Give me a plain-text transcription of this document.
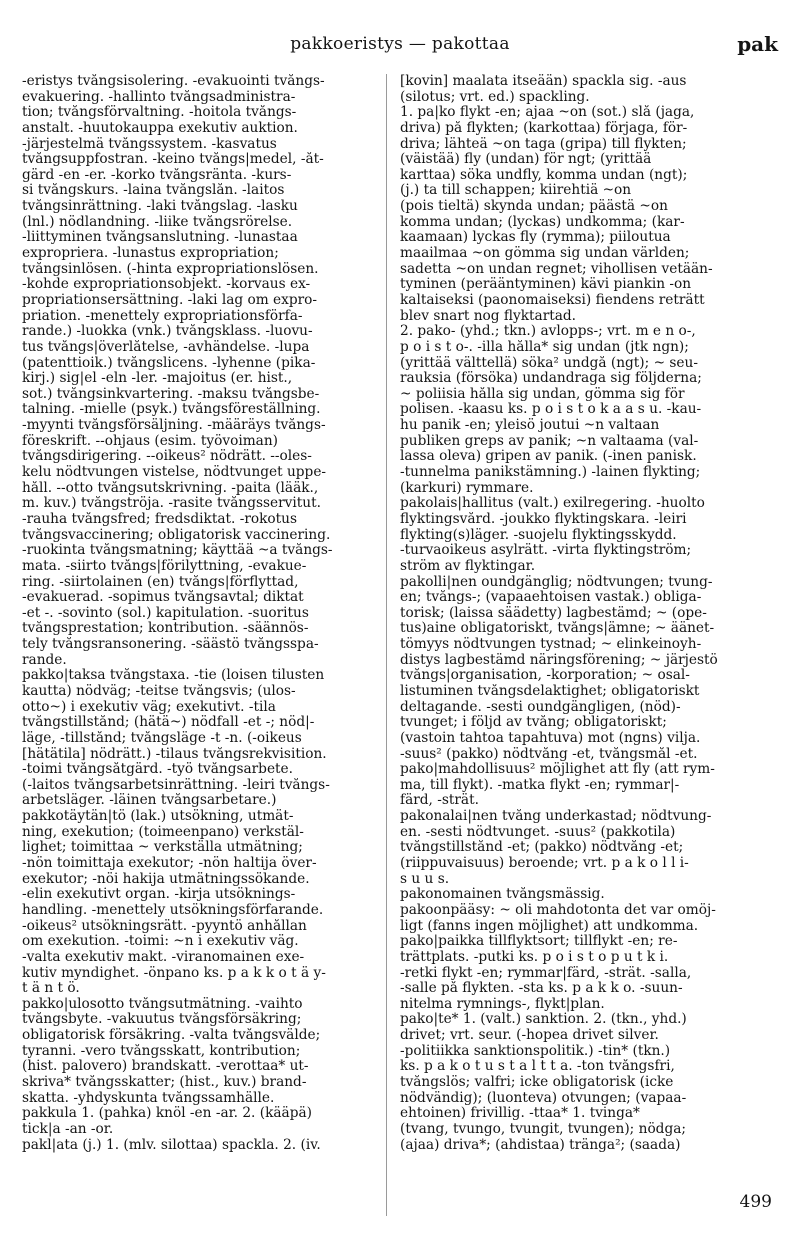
pakkoeristys — pakottaa	pak
-eristys tvångsisolering. -evakuointi tvångs-
evakuering. -hallinto tvångsadministra-
tion; tvångsförvaltning. -hoitola tvångs-
anstalt. -huutokauppa exekutiv auktion.
-järjestelmä tvångssystem. -kasvatus
tvångsuppfostran. -keino tvångs|medel, -åt-
gärd -en -er. -korko tvångsränta. -kurs-
si tvångskurs. -laina tvångslån. -laitos
tvångsinrättning. -laki tvångslag. -lasku
(lnl.) nödlandning. -liike tvångsrörelse.
-liittyminen tvångsanslutning. -lunastaa
expropriera. -lunastus expropriation;
tvångsinlösen. (-hinta expropriationslösen.
-kohde expropriationsobjekt. -korvaus ex-
propriationsersättning. -laki lag om expro-
priation. -menettely expropriationsförfa-
rande.) -luokka (vnk.) tvångsklass. -luovu-
tus tvångs|överlåtelse, -avhändelse. -lupa
(patenttioik.) tvångslicens. -lyhenne (pika-
kirj.) sig|el -eln -ler. -majoitus (er. hist.,
sot.) tvångsinkvartering. -maksu tvångsbe-
talning. -mielle (psyk.) tvångsföreställning.
-myynti tvångsförsäljning. -määräys tvångs-
föreskrift. --ohjaus (esim. työvoiman)
tvångsdirigering. --oikeus² nödrätt. --oles-
kelu nödtvungen vistelse, nödtvunget uppe-
håll. --otto tvångsutskrivning. -paita (lääk.,
m. kuv.) tvångströja. -rasite tvångsservitut.
-rauha tvångsfred; fredsdiktat. -rokotus
tvångsvaccinering; obligatorisk vaccinering.
-ruokinta tvångsmatning; käyttää ~a tvångs-
mata. -siirto tvångs|förilyttning, -evakue-
ring. -siirtolainen (en) tvångs|förflyttad,
-evakuerad. -sopimus tvångsavtal; diktat
-et -. -sovinto (sol.) kapitulation. -suoritus
tvångsprestation; kontribution. -säännös-
tely tvångsransonering. -säästö tvångsspa-
rande.
pakko|taksa tvångstaxa. -tie (loisen tilusten
kautta) nödväg; -teitse tvångsvis; (ulos-
otto~) i exekutiv väg; exekutivt. -tila
tvångstillstånd; (hätä~) nödfall -et -; nöd|-
läge, -tillstånd; tvångsläge -t -n. (-oikeus
[hätätila] nödrätt.) -tilaus tvångsrekvisition.
-toimi tvångsåtgärd. -työ tvångsarbete.
(-laitos tvångsarbetsinrättning. -leiri tvångs-
arbetsläger. -läinen tvångsarbetare.)
pakkotäytän|tö (lak.) utsökning, utmät-
ning, exekution; (toimeenpano) verkstäl-
lighet; toimittaa ~ verkställa utmätning;
-nön toimittaja exekutor; -nön haltija över-
exekutor; -nöi hakija utmätningssökande.
-elin exekutivt organ. -kirja utsöknings-
handling. -menettely utsökningsförfarande.
-oikeus² utsökningsrätt. -pyyntö anhållan
om exekution. -toimi: ~n i exekutiv väg.
-valta exekutiv makt. -viranomainen exe-
kutiv myndighet. -önpano ks. p a k k o t ä y-
t ä n t ö.
pakko|ulosotto tvångsutmätning. -vaihto
tvångsbyte. -vakuutus tvångsförsäkring;
obligatorisk försäkring. -valta tvångsvälde;
tyranni. -vero tvångsskatt, kontribution;
(hist. palovero) brandskatt. -verottaa* ut-
skriva* tvångsskatter; (hist., kuv.) brand-
skatta. -yhdyskunta tvångssamhälle.
pakkula 1. (pahka) knöl -en -ar. 2. (kääpä)
tick|a -an -or.
pakl|ata (j.) 1. (mlv. silottaa) spackla. 2. (iv.
[kovin] maalata itseään) spackla sig. -aus
(silotus; vrt. ed.) spackling.
1. pa|ko flykt -en; ajaa ~on (sot.) slå (jaga,
driva) på flykten; (karkottaa) förjaga, för-
driva; lähteä ~on taga (gripa) till flykten;
(väistää) fly (undan) för ngt; (yrittää
karttaa) söka undfly, komma undan (ngt);
(j.) ta till schappen; kiirehtiä ~on
(pois tieltä) skynda undan; päästä ~on
komma undan; (lyckas) undkomma; (kar-
kaamaan) lyckas fly (rymma); piiloutua
maailmaa ~on gömma sig undan världen;
sadetta ~on undan regnet; vihollisen vetään-
tyminen (perääntyminen) kävi piankin -on
kaltaiseksi (paonomaiseksi) fiendens reträtt
blev snart nog flyktartad.
2. pako- (yhd.; tkn.) avlopps-; vrt. m e n o-,
p o i s t o-. -illa hålla* sig undan (jtk ngn);
(yrittää välttellä) söka² undgå (ngt); ~ seu-
rauksia (försöka) undandraga sig följderna;
~ poliisia hålla sig undan, gömma sig för
polisen. -kaasu ks. p o i s t o k a a s u. -kau-
hu panik -en; yleisö joutui ~n valtaan
publiken greps av panik; ~n valtaama (val-
lassa oleva) gripen av panik. (-inen panisk.
-tunnelma panikstämning.) -lainen flykting;
(karkuri) rymmare.
pakolais|hallitus (valt.) exilregering. -huolto
flyktingsvård. -joukko flyktingskara. -leiri
flykting(s)läger. -suojelu flyktingsskydd.
-turvaoikeus asylrätt. -virta flyktingström;
ström av flyktingar.
pakolli|nen oundgänglig; nödtvungen; tvung-
en; tvångs-; (vapaaehtoisen vastak.) obliga-
torisk; (laissa säädetty) lagbestämd; ~ (ope-
tus)aine obligatoriskt, tvångs|ämne; ~ äänet-
tömyys nödtvungen tystnad; ~ elinkeinoyh-
distys lagbestämd näringsförening; ~ järjestö
tvångs|organisation, -korporation; ~ osal-
listuminen tvångsdelaktighet; obligatoriskt
deltagande. -sesti oundgängligen, (nöd)-
tvunget; i följd av tvång; obligatoriskt;
(vastoin tahtoa tapahtuva) mot (ngns) vilja.
-suus² (pakko) nödtvång -et, tvångsmål -et.
pako|mahdollisuus² möjlighet att fly (att rym-
ma, till flykt). -matka flykt -en; rymmar|-
färd, -strät.
pakonalai|nen tvång underkastad; nödtvung-
en. -sesti nödtvunget. -suus² (pakkotila)
tvångstillstånd -et; (pakko) nödtvång -et;
(riippuvaisuus) beroende; vrt. p a k o l l i-
s u u s.
pakonomainen tvångsmässig.
pakoonpääsy: ~ oli mahdotonta det var omöj-
ligt (fanns ingen möjlighet) att undkomma.
pako|paikka tillflyktsort; tillflykt -en; re-
trättplats. -putki ks. p o i s t o p u t k i.
-retki flykt -en; rymmar|färd, -strät. -salla,
-salle på flykten. -sta ks. p a k k o. -suun-
nitelma rymnings-, flykt|plan.
pako|te* 1. (valt.) sanktion. 2. (tkn., yhd.)
drivet; vrt. seur. (-hopea drivet silver.
-politiikka sanktionspolitik.) -tin* (tkn.)
ks. p a k o t u s t a l t t a. -ton tvångsfri,
tvångslös; valfri; icke obligatorisk (icke
nödvändig); (luonteva) otvungen; (vapaa-
ehtoinen) frivillig. -ttaa* 1. tvinga*
(tvang, tvungo, tvungit, tvungen); nödga;
(ajaa) driva*; (ahdistaa) tränga²; (saada)
499
